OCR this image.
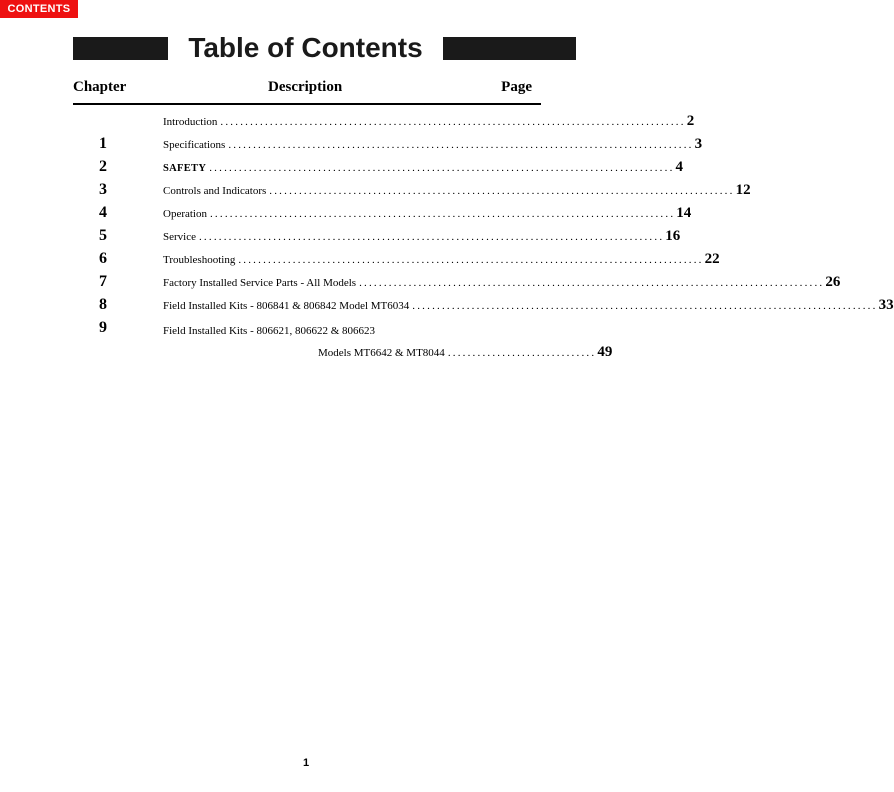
CONTENTS
Table of Contents
Chapter	Description	Page
Introduction .............................................................................................. 2
1	Specifications .............................................................................................. 3
2	SAFETY .............................................................................................. 4
3	Controls and Indicators .............................................................................................. 12
4	Operation .............................................................................................. 14
5	Service .............................................................................................. 16
6	Troubleshooting .............................................................................................. 22
7	Factory Installed Service Parts - All Models .............................................................................................. 26
8	Field Installed Kits - 806841 & 806842 Model MT6034 .............................................................................................. 33
9	Field Installed Kits - 806621, 806622 & 806623
Models MT6642 & MT8044 .............................. 49
1
